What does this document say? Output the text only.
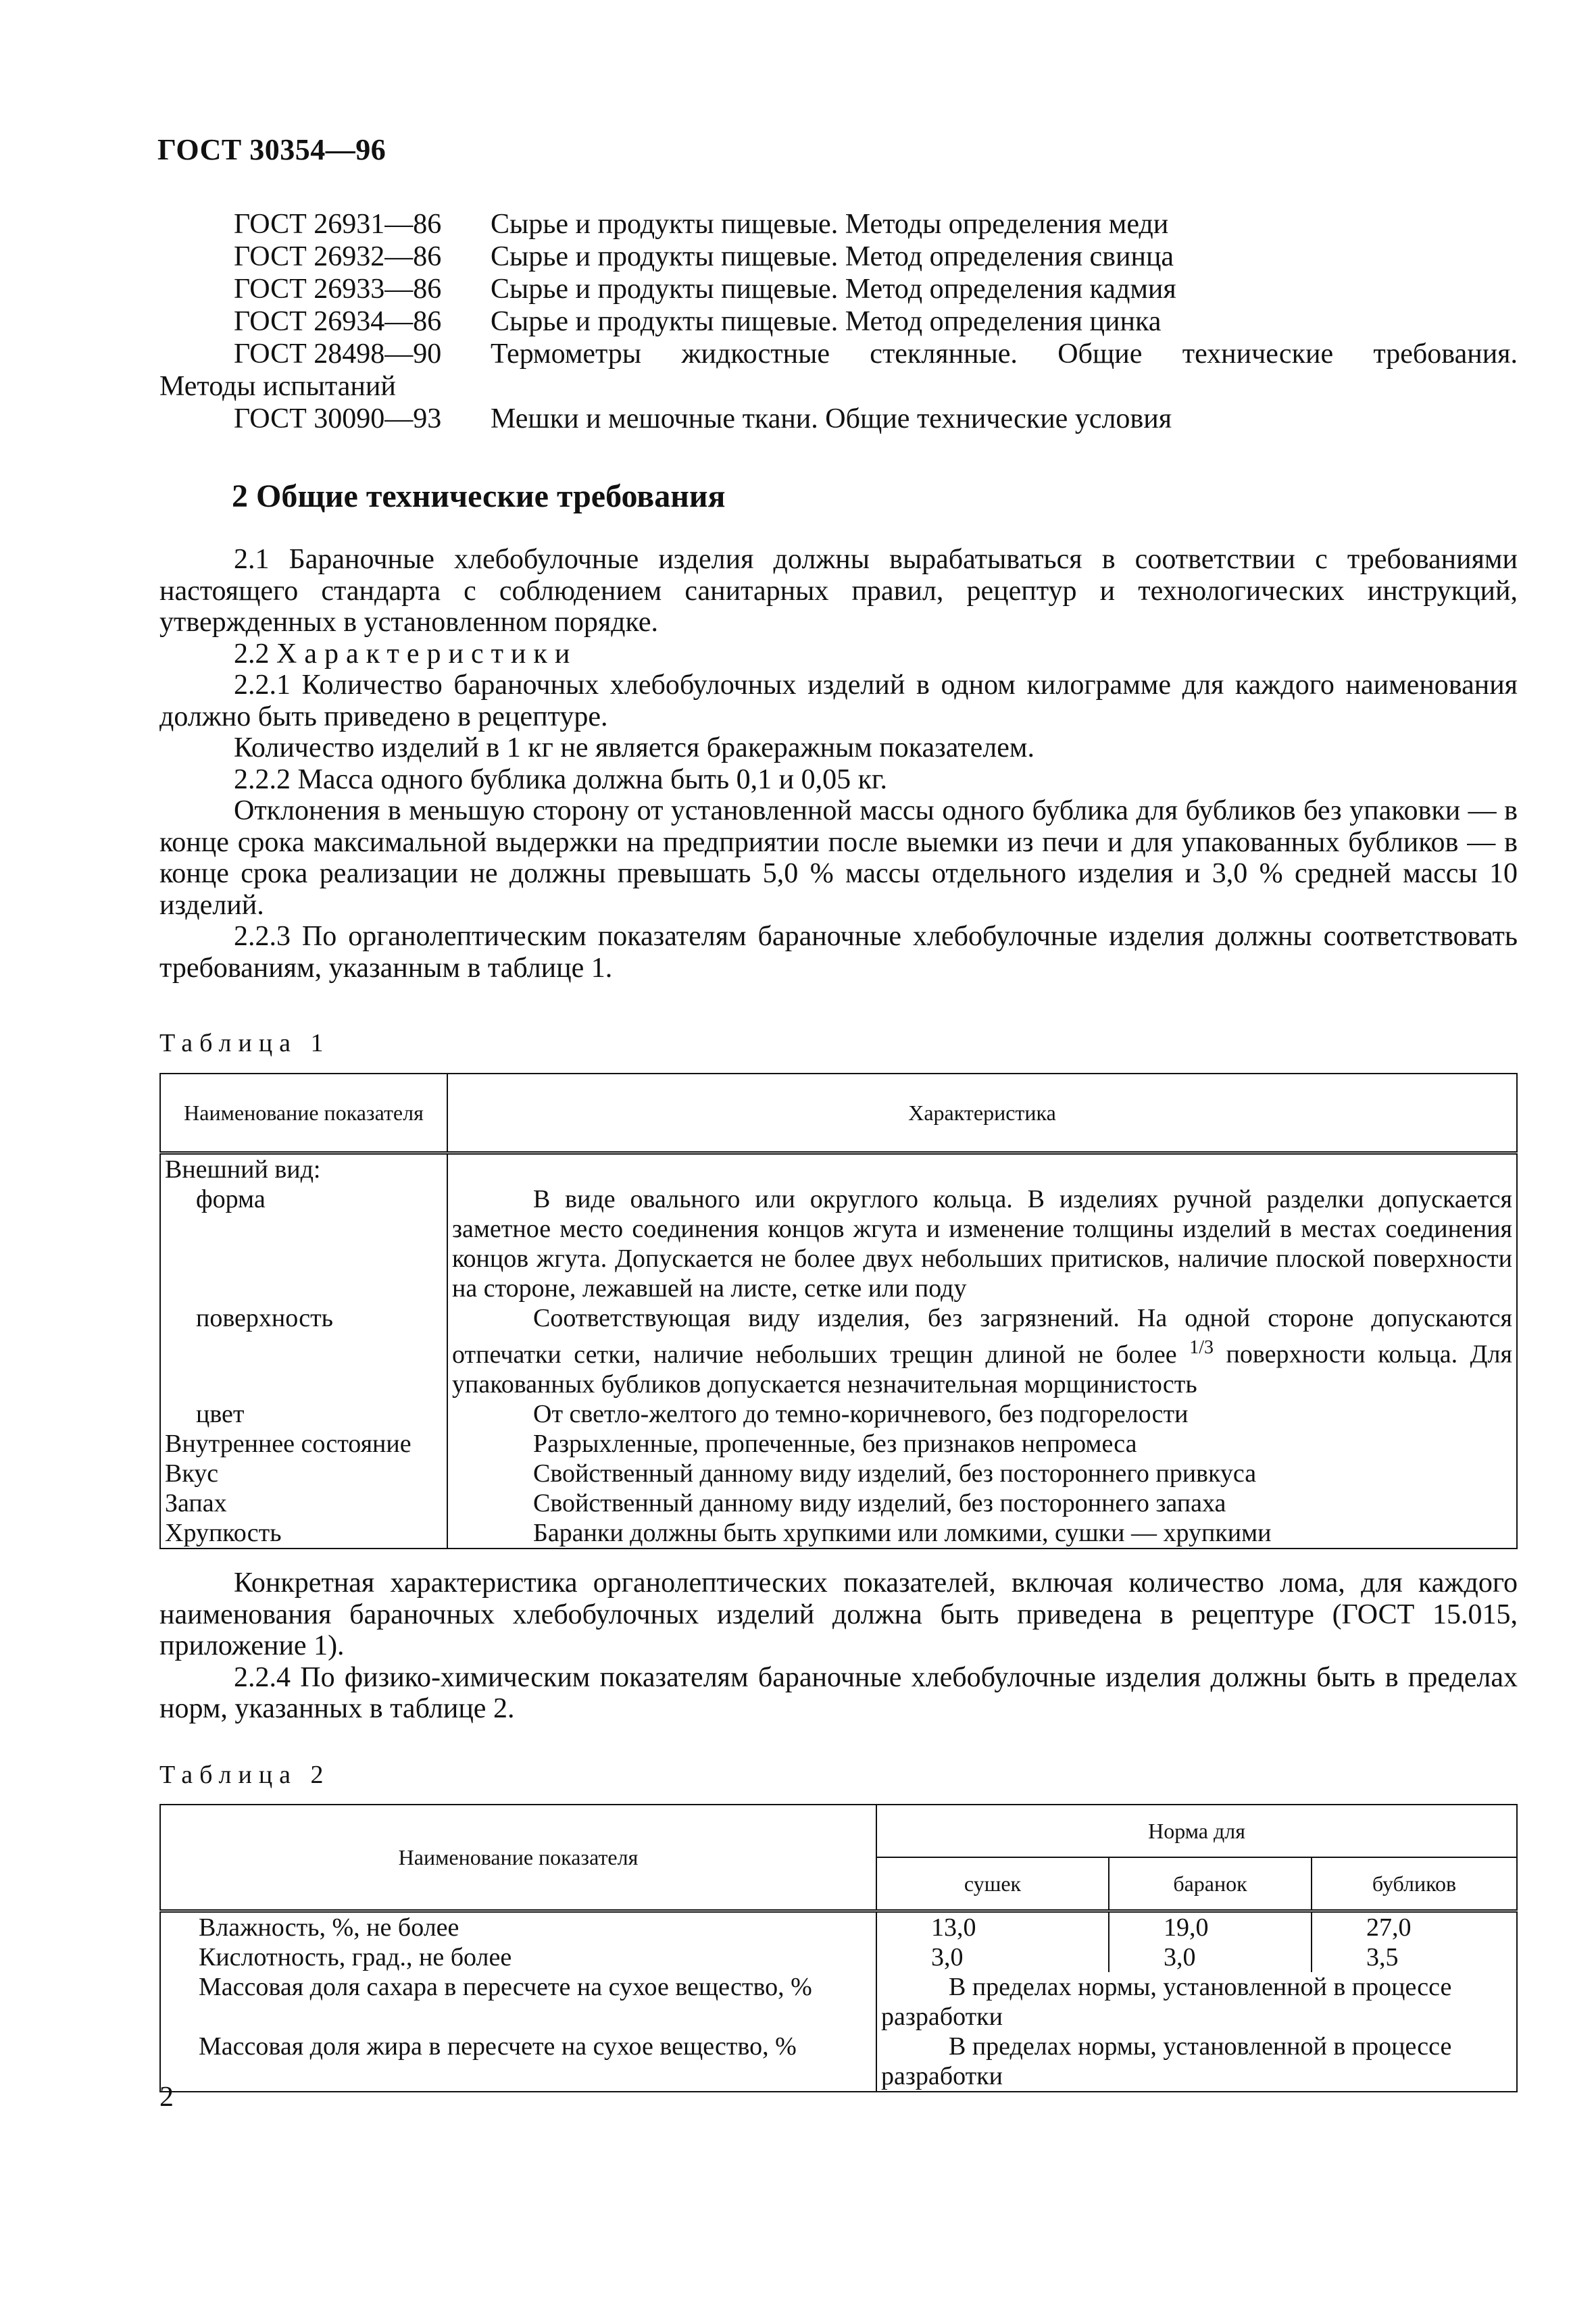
ГОСТ 30354—96
ГОСТ 26931—86	Сырье и продукты пищевые. Методы определения меди
ГОСТ 26932—86	Сырье и продукты пищевые. Метод определения свинца
ГОСТ 26933—86	Сырье и продукты пищевые. Метод определения кадмия
ГОСТ 26934—86	Сырье и продукты пищевые. Метод определения цинка
ГОСТ 28498—90	Термометры жидкостные стеклянные. Общие технические требования.
Методы испытаний
ГОСТ 30090—93	Мешки и мешочные ткани. Общие технические условия
2 Общие технические требования

2.1 Бараночные хлебобулочные изделия должны вырабатываться в соответствии с требованиями настоящего стандарта с соблюдением санитарных правил, рецептур и технологических инструкций, утвержденных в установленном порядке.

2.2 Характеристики

2.2.1 Количество бараночных хлебобулочных изделий в одном килограмме для каждого наименования должно быть приведено в рецептуре.

Количество изделий в 1 кг не является бракеражным показателем.

2.2.2 Масса одного бублика должна быть 0,1 и 0,05 кг.

Отклонения в меньшую сторону от установленной массы одного бублика для бубликов без упаковки — в конце срока максимальной выдержки на предприятии после выемки из печи и для упакованных бубликов — в конце срока реализации не должны превышать 5,0 % массы отдельного изделия и 3,0 % средней массы 10 изделий.

2.2.3 По органолептическим показателям бараночные хлебобулочные изделия должны соответствовать требованиям, указанным в таблице 1.

Таблица 1
Наименование показателя	Характеристика

Внешний вид:
форма	В виде овального или округлого кольца. В изделиях ручной разделки допускается заметное место соединения концов жгута и изменение толщины изделий в местах соединения концов жгута. Допускается не более двух небольших притисков, наличие плоской поверхности на стороне, лежавшей на листе, сетке или поду

поверхность	Соответствующая виду изделия, без загрязнений. На одной стороне допускаются отпечатки сетки, наличие небольших трещин длиной не более $^{1/3}$ поверхности кольца. Для упакованных бубликов допускается незначительная морщинистость

цвет	От светло-желтого до темно-коричневого, без подгорелости
Внутреннее состояние	Разрыхленные, пропеченные, без признаков непромеса
Вкус	Свойственный данному виду изделий, без постороннего привкуса
Запах	Свойственный данному виду изделий, без постороннего запаха
Хрупкость	Баранки должны быть хрупкими или ломкими, сушки — хрупкими

Конкретная характеристика органолептических показателей, включая количество лома, для каждого наименования бараночных хлебобулочных изделий должна быть приведена в рецептуре (ГОСТ 15.015, приложение 1).

2.2.4 По физико-химическим показателям бараночные хлебобулочные изделия должны быть в пределах норм, указанных в таблице 2.

Таблица 2
Наименование показателя	Норма для		
	сушек	баранок	бубликов
Влажность, %, не более	13,0	19,0	27,0
Кислотность, град., не более	3,0	3,0	3,5
Массовая доля сахара в пересчете на сухое вещество, %	В пределах нормы, установленной в процессе разработки		
Массовая доля жира в пересчете на сухое вещество, %	В пределах нормы, установленной в процессе разработки		
2
